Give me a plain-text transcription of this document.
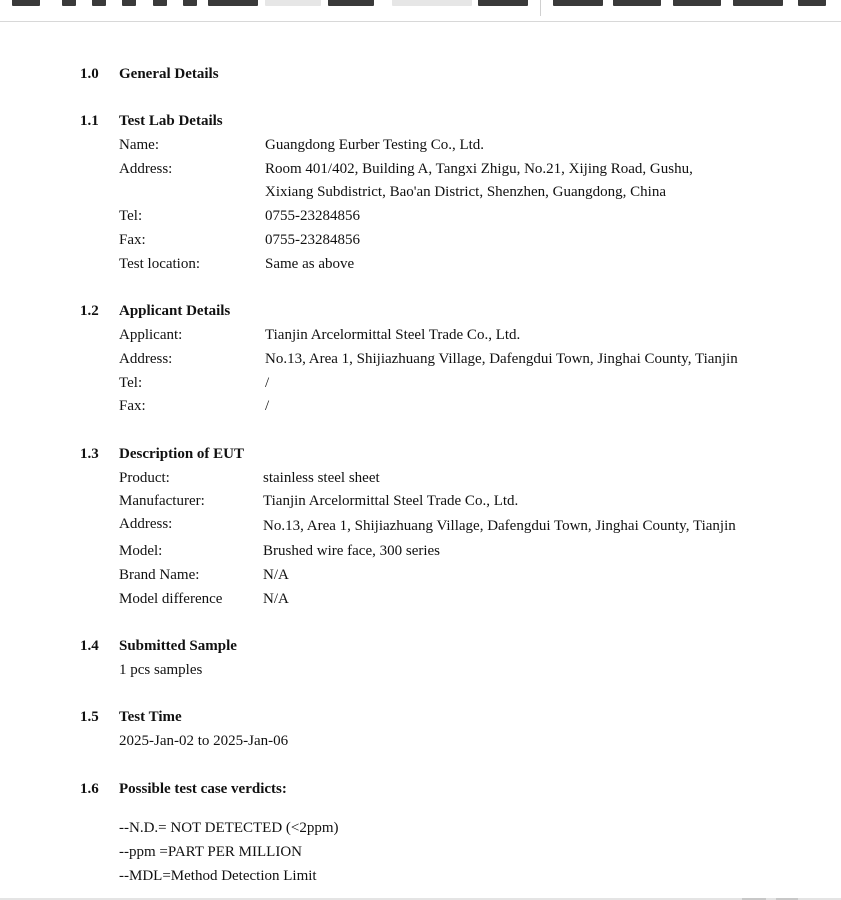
1.0 General Details
1.1 Test Lab Details
Name:	Guangdong Eurber Testing Co., Ltd.
Address:	Room 401/402, Building A, Tangxi Zhigu, No.21, Xijing Road, Gushu,
Xixiang Subdistrict, Bao'an District, Shenzhen, Guangdong, China
Tel:	0755-23284856
Fax:	0755-23284856
Test location:	Same as above
1.2 Applicant Details
Applicant:	Tianjin Arcelormittal Steel Trade Co., Ltd.
Address:	No.13, Area 1, Shijiazhuang Village, Dafengdui Town, Jinghai County, Tianjin
Tel:	/
Fax:	/
1.3 Description of EUT
Product:	stainless steel sheet
Manufacturer:	Tianjin Arcelormittal Steel Trade Co., Ltd.
Address:	No.13, Area 1, Shijiazhuang Village, Dafengdui Town, Jinghai County, Tianjin
Model:	Brushed wire face, 300 series
Brand Name:	N/A
Model difference	N/A
1.4 Submitted Sample
1 pcs samples
1.5 Test Time
2025-Jan-02 to 2025-Jan-06
1.6 Possible test case verdicts:
--N.D.= NOT DETECTED (<2ppm)
--ppm =PART PER MILLION
--MDL=Method Detection Limit
